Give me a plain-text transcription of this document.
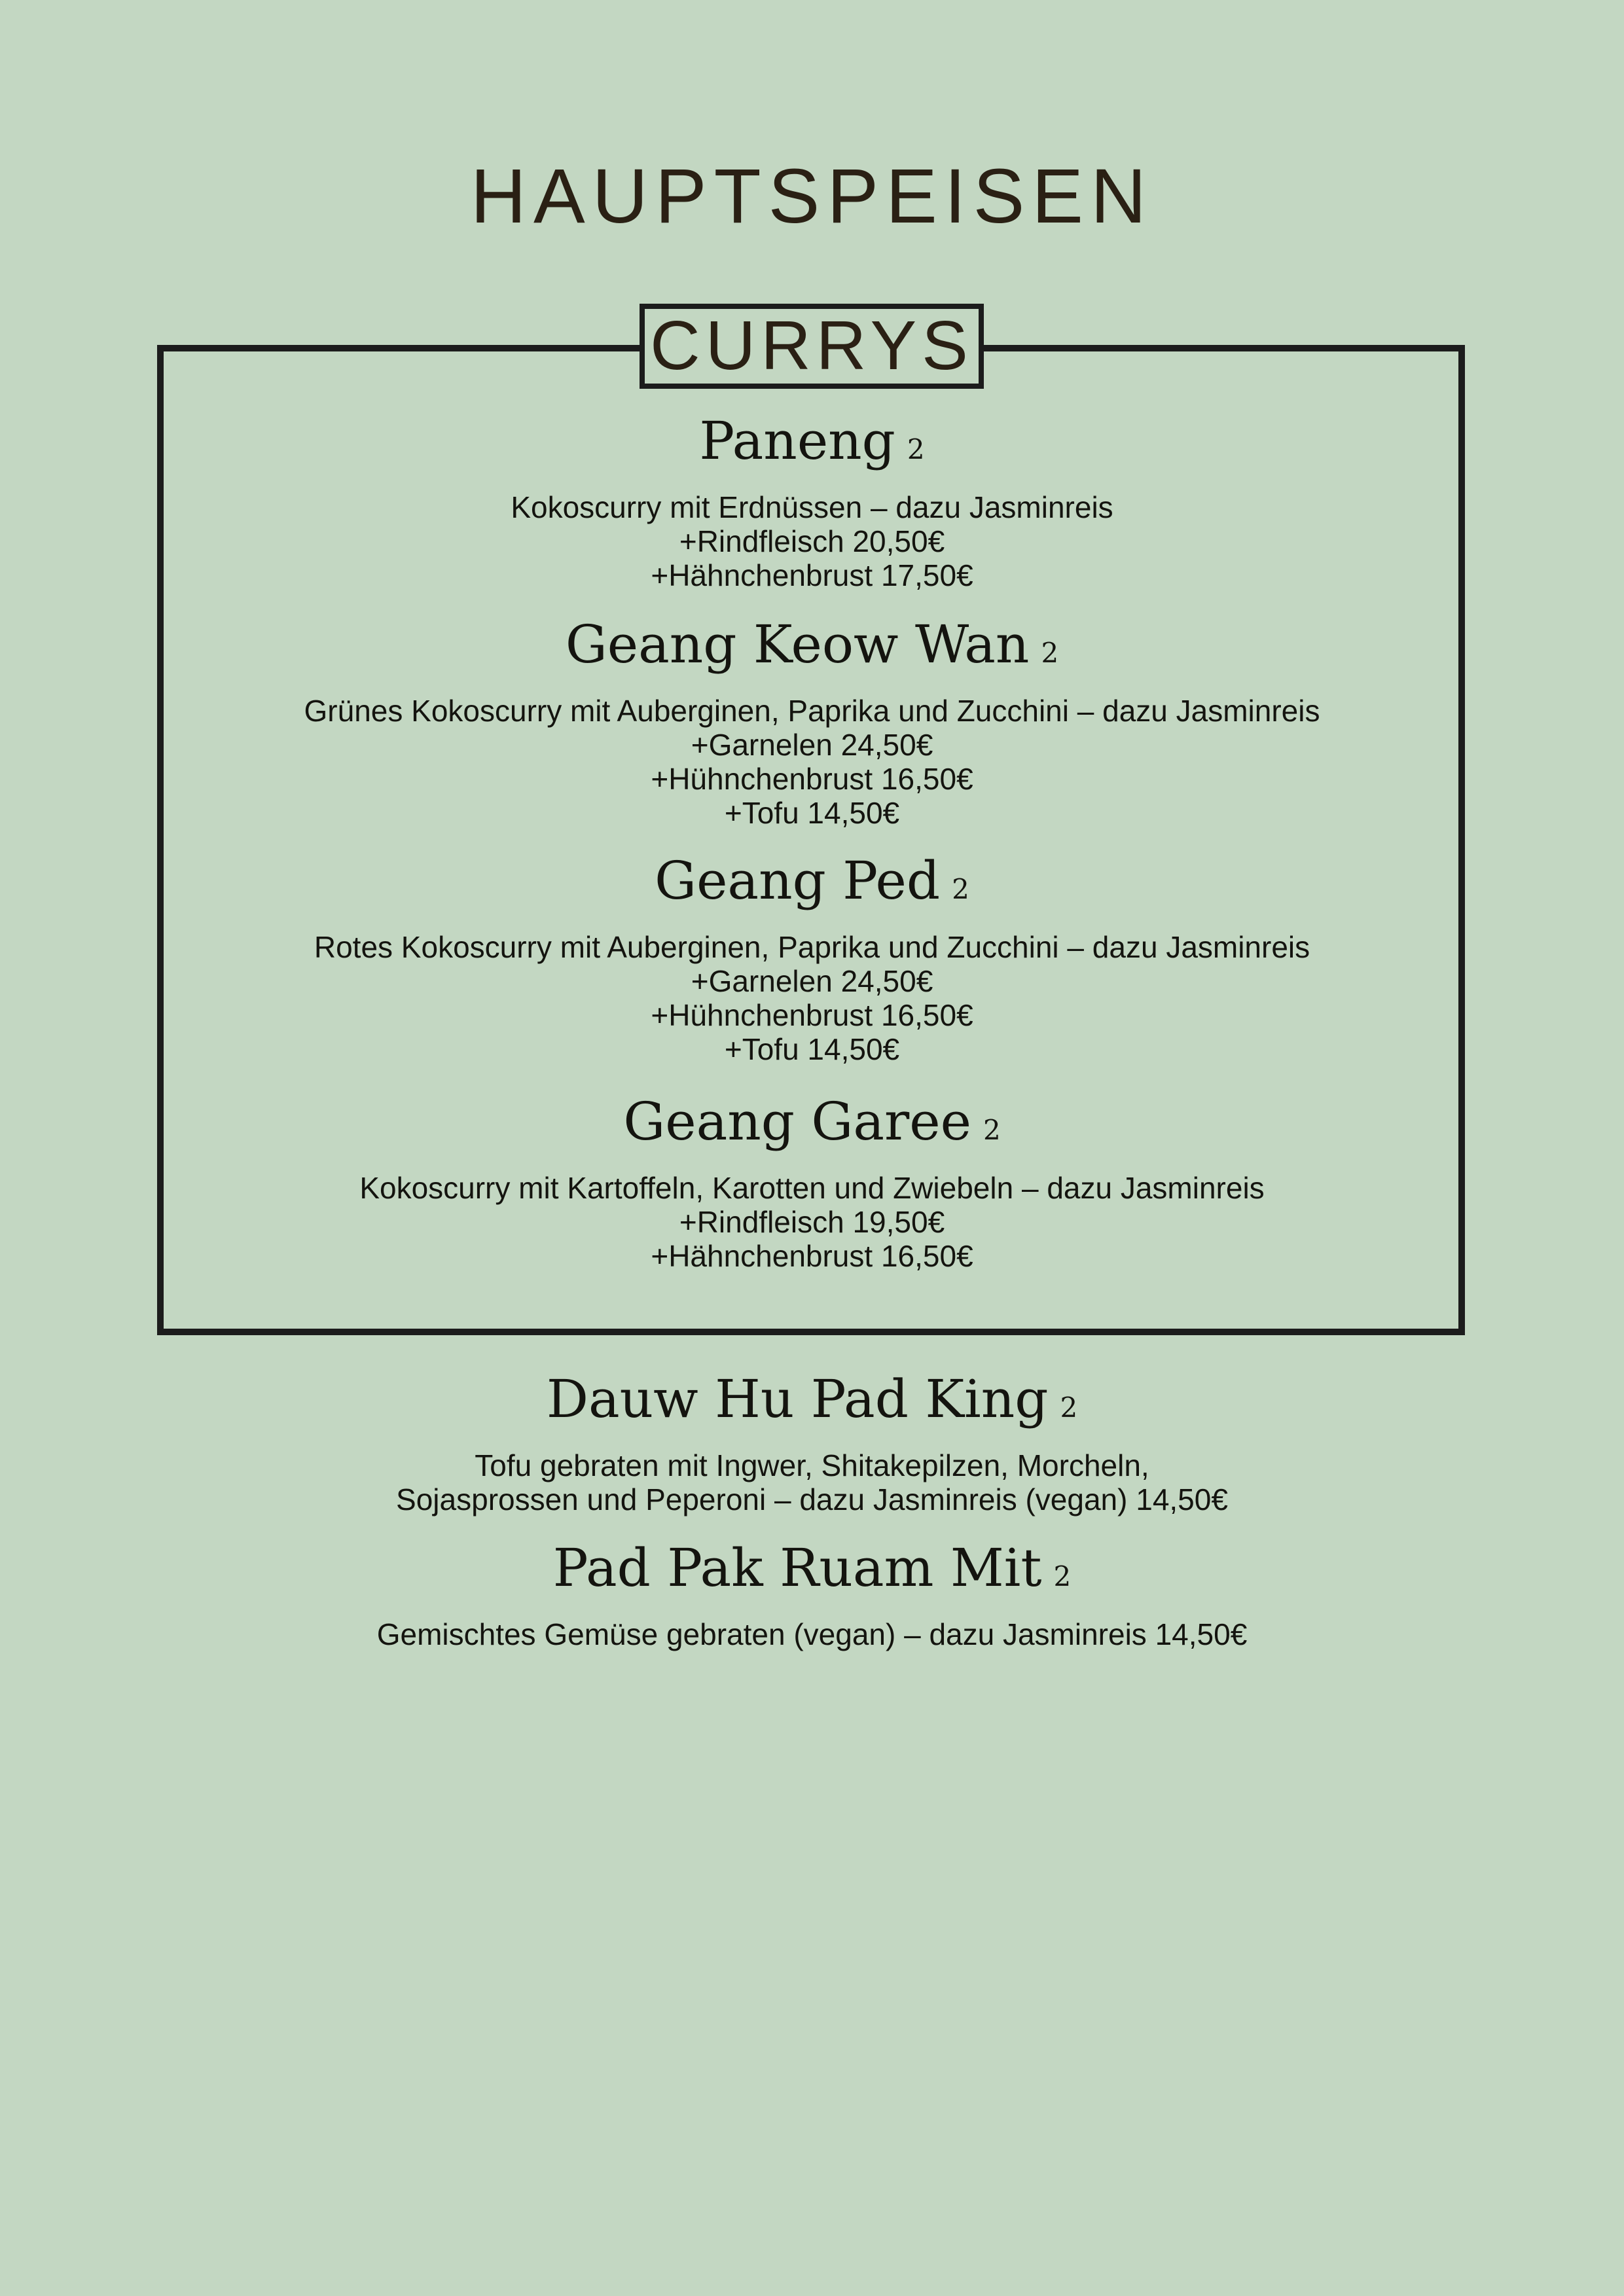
HAUPTSPEISEN
CURRYS
Paneng 2
Kokoscurry mit Erdnüssen – dazu Jasminreis
+Rindfleisch 20,50€
+Hähnchenbrust 17,50€
Geang Keow Wan 2
Grünes Kokoscurry mit Auberginen, Paprika und Zucchini – dazu Jasminreis
+Garnelen 24,50€
+Hühnchenbrust 16,50€
+Tofu 14,50€
Geang Ped 2
Rotes Kokoscurry mit Auberginen, Paprika und Zucchini – dazu Jasminreis
+Garnelen 24,50€
+Hühnchenbrust 16,50€
+Tofu 14,50€
Geang Garee 2
Kokoscurry mit Kartoffeln, Karotten und Zwiebeln – dazu Jasminreis
+Rindfleisch 19,50€
+Hähnchenbrust 16,50€
Dauw Hu Pad King 2
Tofu gebraten mit Ingwer, Shitakepilzen, Morcheln,
Sojasprossen und Peperoni – dazu Jasminreis (vegan) 14,50€
Pad Pak Ruam Mit 2
Gemischtes Gemüse gebraten (vegan) – dazu Jasminreis 14,50€
